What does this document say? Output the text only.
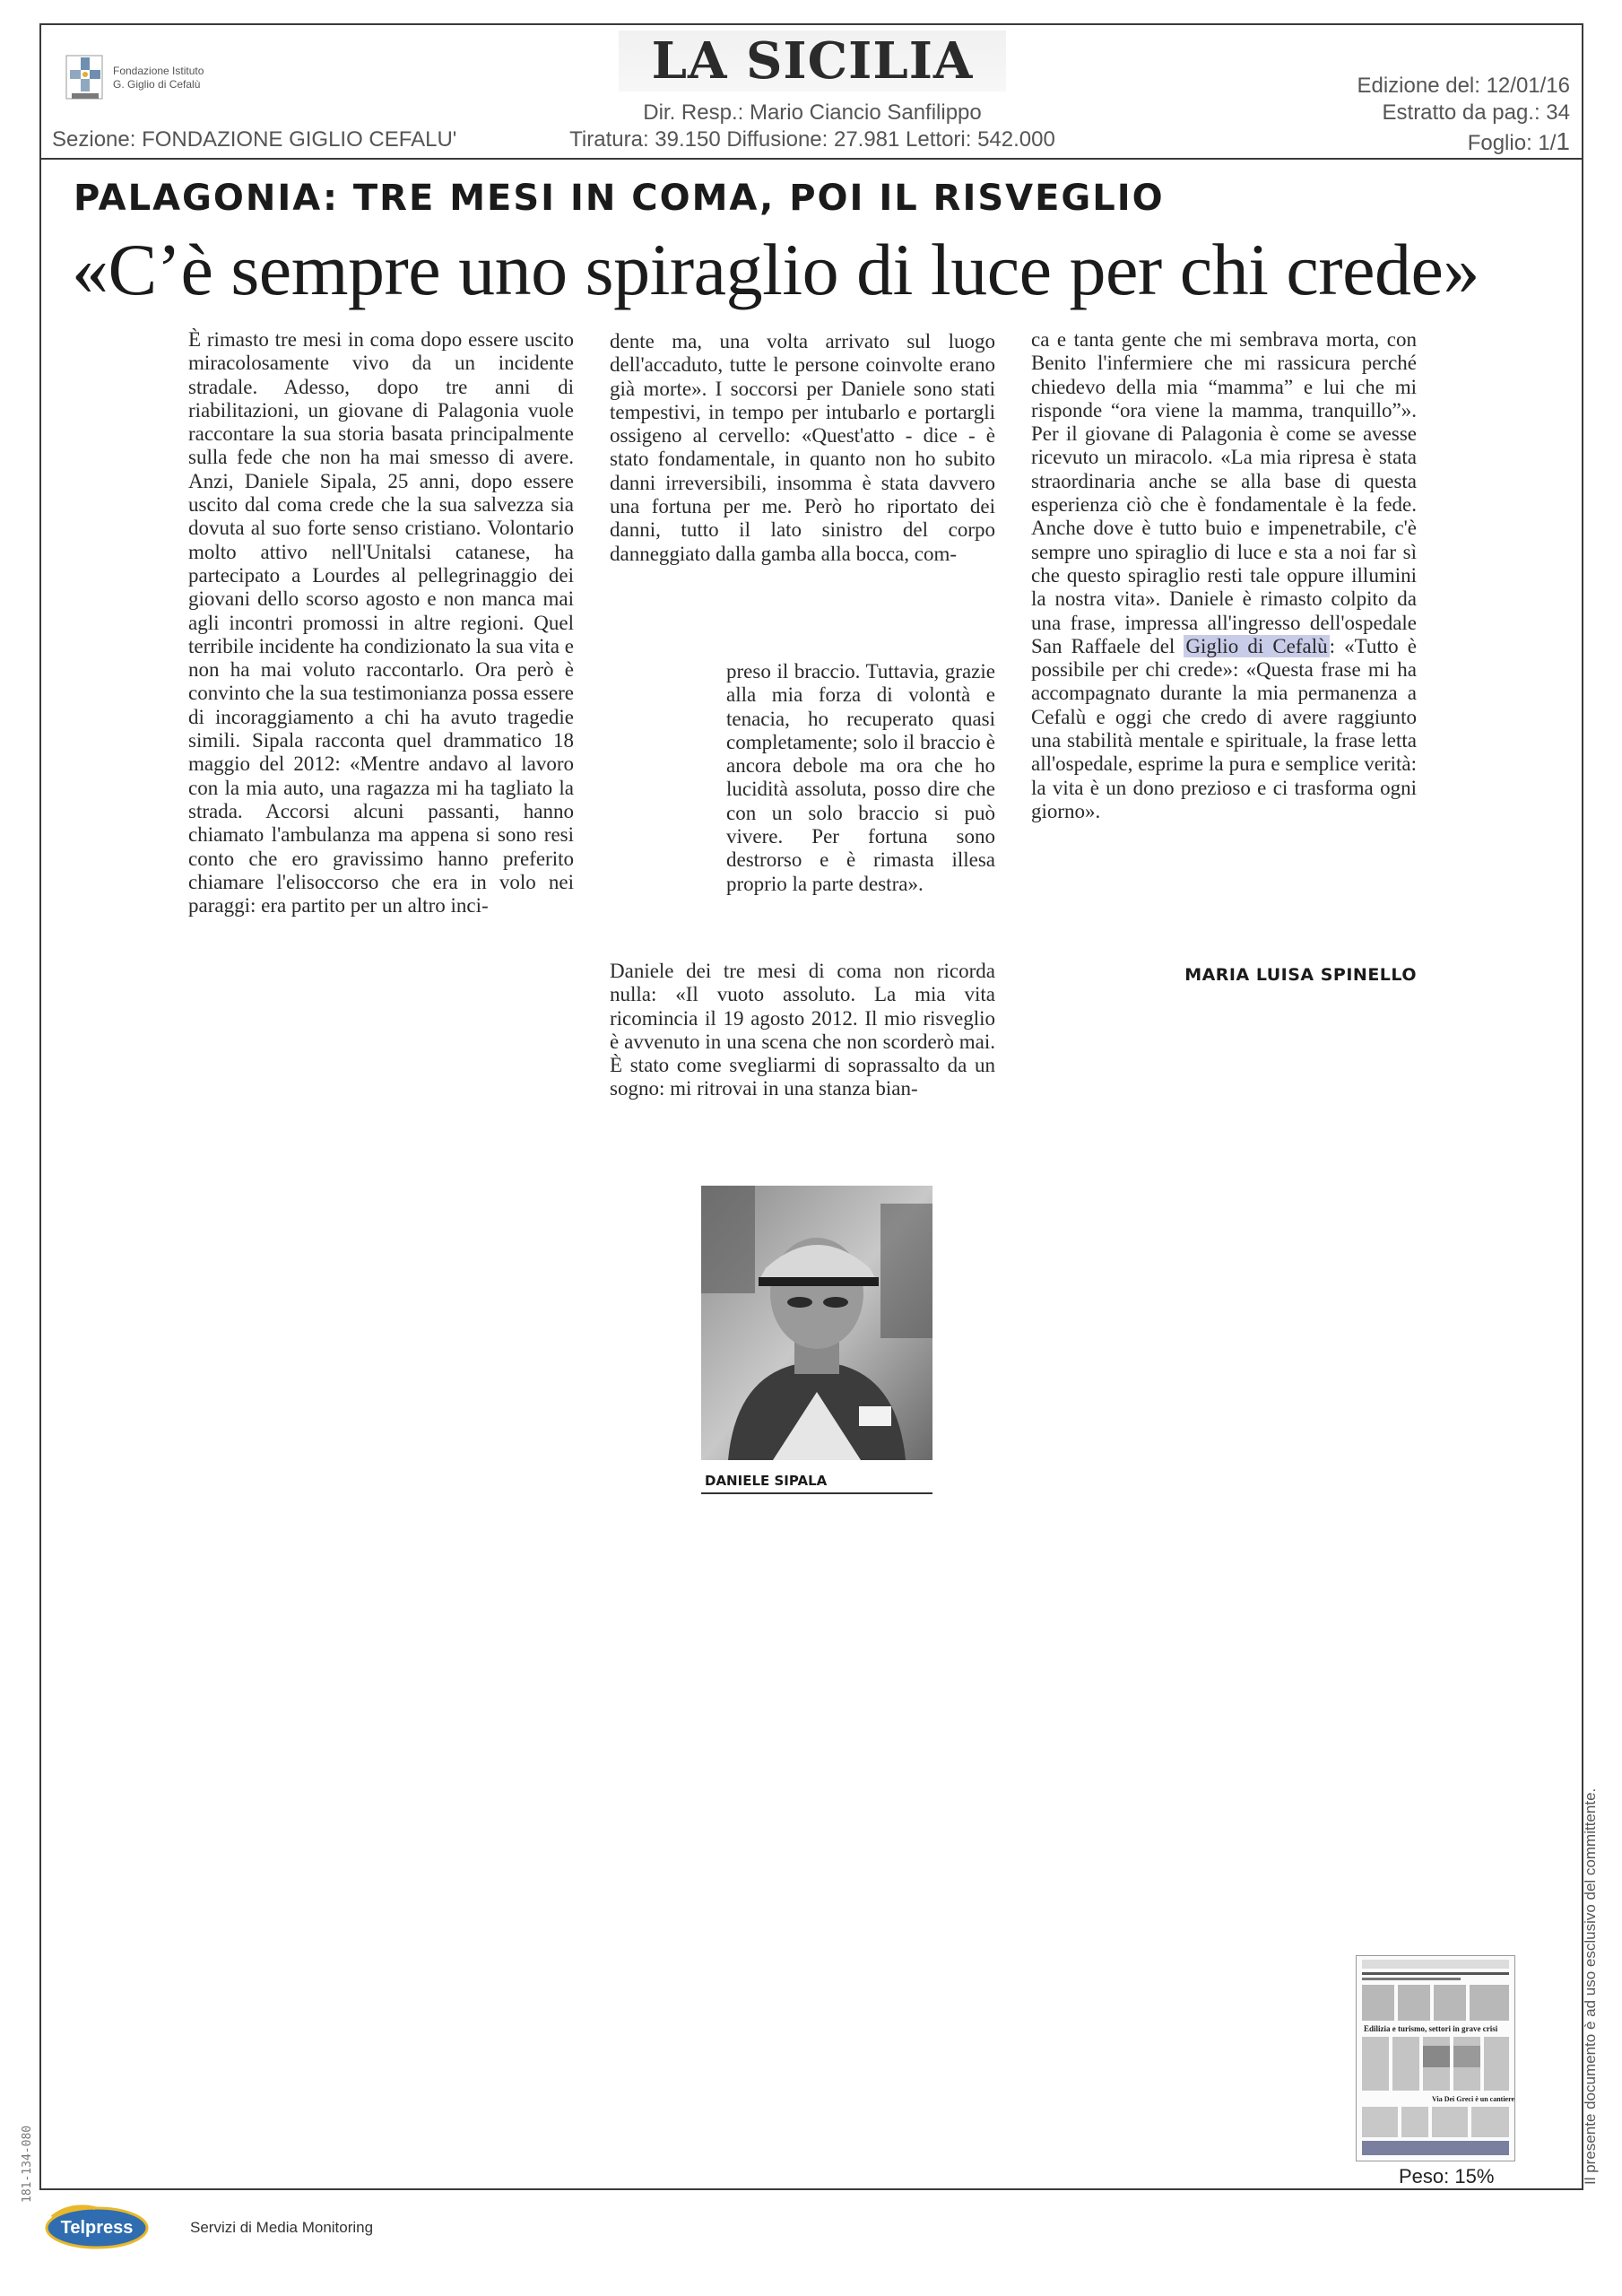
Fondazione Istituto
G. Giglio di Cefalù	LA SICILIA
Dir. Resp.: Mario Ciancio Sanfilippo
Tiratura: 39.150 Diffusione: 27.981 Lettori: 542.000
Sezione: FONDAZIONE GIGLIO CEFALU'
Edizione del: 12/01/16
Estratto da pag.: 34
Foglio: 1/1
PALAGONIA: TRE MESI IN COMA, POI IL RISVEGLIO
«C’è sempre uno spiraglio di luce per chi crede»
È rimasto tre mesi in coma dopo essere uscito miracolosamente vivo da un incidente stradale. Adesso, dopo tre anni di riabilitazioni, un giovane di Palagonia vuole raccontare la sua storia basata principalmente sulla fede che non ha mai smesso di avere. Anzi, Daniele Sipala, 25 anni, dopo essere uscito dal coma crede che la sua salvezza sia dovuta al suo forte senso cristiano. Volontario molto attivo nell'Unitalsi catanese, ha partecipato a Lourdes al pellegrinaggio dei giovani dello scorso agosto e non manca mai agli incontri promossi in altre regioni. Quel terribile incidente ha condizionato la sua vita e non ha mai voluto raccontarlo. Ora però è convinto che la sua testimonianza possa essere di incoraggiamento a chi ha avuto tragedie simili. Sipala racconta quel drammatico 18 maggio del 2012: «Mentre andavo al lavoro con la mia auto, una ragazza mi ha tagliato la strada. Accorsi alcuni passanti, hanno chiamato l'ambulanza ma appena si sono resi conto che ero gravissimo hanno preferito chiamare l'elisoccorso che era in volo nei paraggi: era partito per un altro inci-
dente ma, una volta arrivato sul luogo dell'accaduto, tutte le persone coinvolte erano già morte». I soccorsi per Daniele sono stati tempestivi, in tempo per intubarlo e portargli ossigeno al cervello: «Quest'atto - dice - è stato fondamentale, in quanto non ho subito danni irreversibili, insomma è stata davvero una fortuna per me. Però ho riportato dei danni, tutto il lato sinistro del corpo danneggiato dalla gamba alla bocca, com-
preso il braccio. Tuttavia, grazie alla mia forza di volontà e tenacia, ho recuperato quasi completamente; solo il braccio è ancora debole ma ora che ho lucidità assoluta, posso dire che con un solo braccio si può vivere. Per fortuna sono destrorso e è rimasta illesa proprio la parte destra».
Daniele dei tre mesi di coma non ricorda nulla: «Il vuoto assoluto. La mia vita ricomincia il 19 agosto 2012. Il mio risveglio è avvenuto in una scena che non scorderò mai. È stato come svegliarmi di soprassalto da un sogno: mi ritrovai in una stanza bian-
ca e tanta gente che mi sembrava morta, con Benito l'infermiere che mi rassicura perché chiedevo della mia “mamma” e lui che mi risponde “ora viene la mamma, tranquillo”». Per il giovane di Palagonia è come se avesse ricevuto un miracolo. «La mia ripresa è stata straordinaria anche se alla base di questa esperienza ciò che è fondamentale è la fede. Anche dove è tutto buio e impenetrabile, c'è sempre uno spiraglio di luce e sta a noi far sì che questo spiraglio resti tale oppure illumini la nostra vita». Daniele è rimasto colpito da una frase, impressa all'ingresso dell'ospedale San Raffaele del Giglio di Cefalù: «Tutto è possibile per chi crede»: «Questa frase mi ha accompagnato durante la mia permanenza a Cefalù e oggi che credo di avere raggiunto una stabilità mentale e spirituale, la frase letta all'ospedale, esprime la pura e semplice verità: la vita è un dono prezioso e ci trasforma ogni giorno».
MARIA LUISA SPINELLO
DANIELE SIPALA
Il presente documento è ad uso esclusivo del committente.
Edilizia e turismo, settori in grave crisi
Via Dei Greci è un cantiere
Peso: 15%
181-134-080
Telpress	Servizi di Media Monitoring
